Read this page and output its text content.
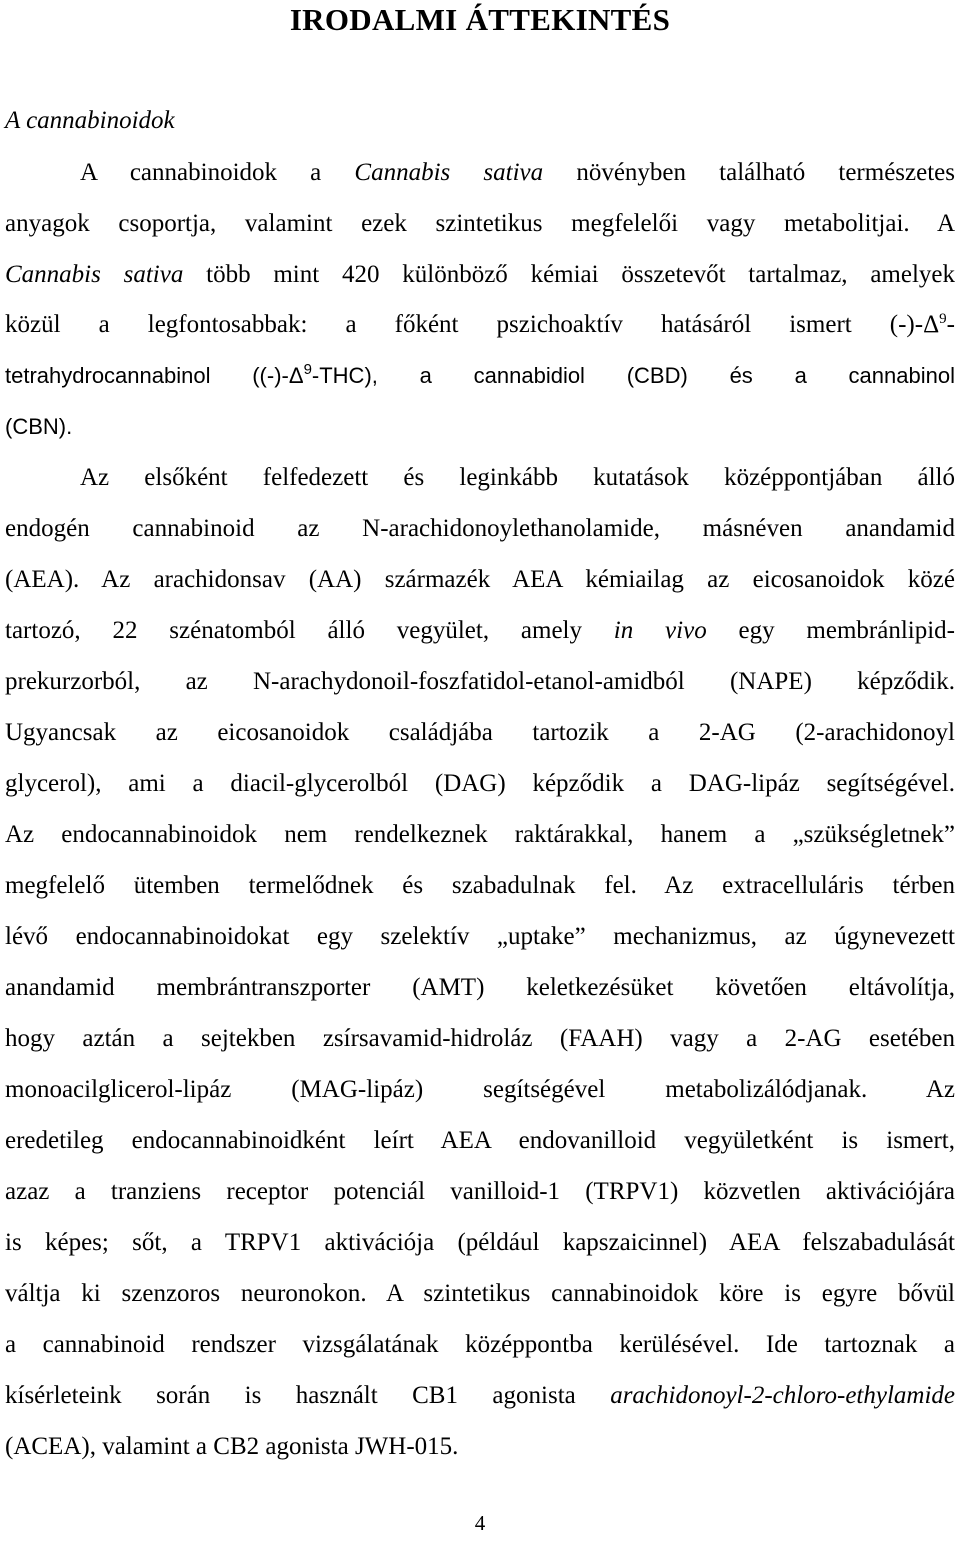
IRODALMI ÁTTEKINTÉS
A cannabinoidok
A cannabinoidok a Cannabis sativa növényben található természetes
anyagok csoportja, valamint ezek szintetikus megfelelői vagy metabolitjai. A
Cannabis sativa több mint 420 különböző kémiai összetevőt tartalmaz, amelyek
közül a legfontosabbak: a főként pszichoaktív hatásáról ismert $(-)-\Delta^9-$
tetrahydrocannabinol $((-)-\Delta^9-THC)$, a cannabidiol (CBD) és a cannabinol
(CBN).
Az elsőként felfedezett és leginkább kutatások középpontjában álló
endogén cannabinoid az N-arachidonoylethanolamide, másnéven anandamid
(AEA). Az arachidonsav (AA) származék AEA kémiailag az eicosanoidok közé
tartozó, 22 szénatomból álló vegyület, amely in vivo egy membránlipid-
prekurzorból, az N-arachydonoil-foszfatidol-etanol-amidból (NAPE) képződik.
Ugyancsak az eicosanoidok családjába tartozik a 2-AG (2-arachidonoyl
glycerol), ami a diacil-glycerolból (DAG) képződik a DAG-lipáz segítségével.
Az endocannabinoidok nem rendelkeznek raktárakkal, hanem a „szükségletnek”
megfelelő ütemben termelődnek és szabadulnak fel. Az extracelluláris térben
lévő endocannabinoidokat egy szelektív „uptake” mechanizmus, az úgynevezett
anandamid membrántranszporter (AMT) keletkezésüket követően eltávolítja,
hogy aztán a sejtekben zsírsavamid-hidroláz (FAAH) vagy a 2-AG esetében
monoacilglicerol-lipáz (MAG-lipáz) segítségével metabolizálódjanak. Az
eredetileg endocannabinoidként leírt AEA endovanilloid vegyületként is ismert,
azaz a tranziens receptor potenciál vanilloid-1 (TRPV1) közvetlen aktivációjára
is képes; sőt, a TRPV1 aktivációja (például kapszaicinnel) AEA felszabadulását
váltja ki szenzoros neuronokon. A szintetikus cannabinoidok köre is egyre bővül
a cannabinoid rendszer vizsgálatának középpontba kerülésével. Ide tartoznak a
kísérleteink során is használt CB1 agonista arachidonoyl-2-chloro-ethylamide
(ACEA), valamint a CB2 agonista JWH-015.
4
